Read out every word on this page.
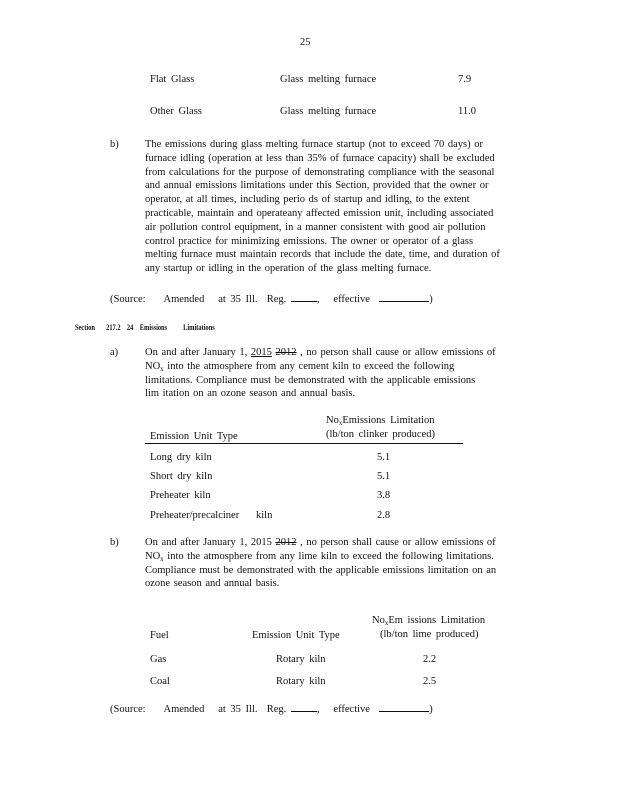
25
Flat Glass	Glass melting furnace	7.9
Other Glass	Glass melting furnace	11.0
b)	The emissions during glass melting furnace startup (not to exceed 70 days) or
furnace idling (operation at less than 35% of furnace capacity) shall be excluded
from calculations for the purpose of demonstrating compliance with the seasonal
and annual emissions limitations under this Section, provided that the owner or
operator, at all times, including perio ds of startup and idling, to the extent
practicable, maintain and operateany affected emission unit, including associated
air pollution control equipment, in a manner consistent with good air pollution
control practice for minimizing emissions. The owner or operator of a glass
melting furnace must maintain records that include the date, time, and duration of
any startup or idling in the operation of the glass melting furnace.
(Source: Amended at 35 Ill. Reg.	, effective	)
Section 217.2 24 Emissions Limitations
a)	On and after January 1, 2015 2012 , no person shall cause or allow emissions of
$NO_x$ into the atmosphere from any cement kiln to exceed the following
limitations. Compliance must be demonstrated with the applicable emissions
lim itation on an ozone season and annual basis.
$No_xEmissions$ Limitation
(lb/ton clinker produced)
Emission Unit Type
Long dry kiln	5.1
Short dry kiln	5.1
Preheater kiln	3.8
Preheater/precalciner kiln	2.8
b)	On and after January 1, 2015 2012 , no person shall cause or allow emissions of
$NO_x$ into the atmosphere from any lime kiln to exceed the following limitations.
Compliance must be demonstrated with the applicable emissions limitation on an
ozone season and annual basis.
$No_xEm$ issions Limitation
(lb/ton lime produced)
Fuel	Emission Unit Type
Gas	Rotary kiln	2.2
Coal	Rotary kiln	2.5
(Source: Amended at 35 Ill. Reg.	, effective	)
